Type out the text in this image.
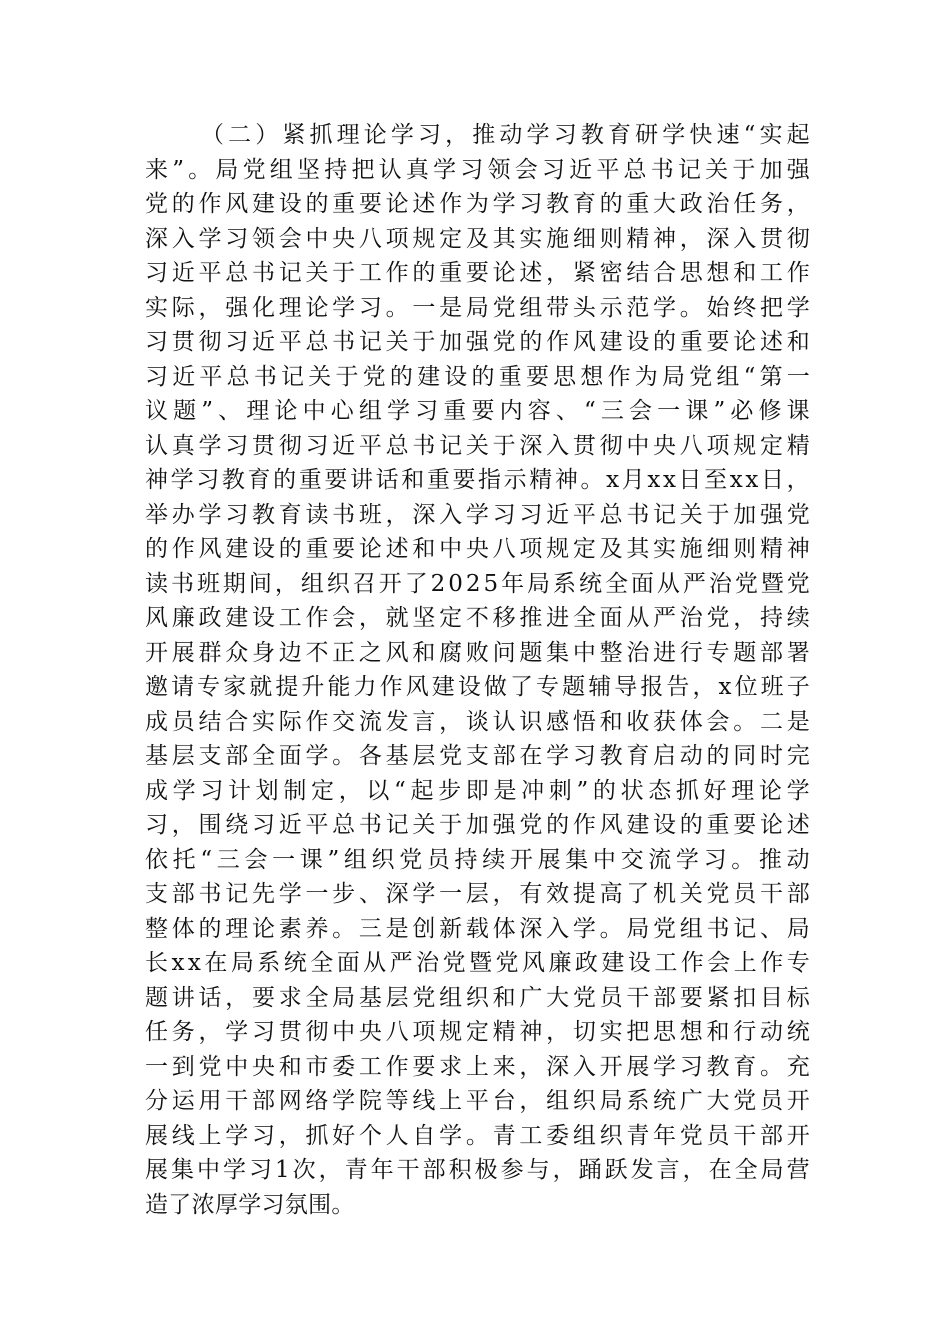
（二）紧抓理论学习，推动学习教育研学快速“实起
来”。局党组坚持把认真学习领会习近平总书记关于加强
党的作风建设的重要论述作为学习教育的重大政治任务，
深入学习领会中央八项规定及其实施细则精神，深入贯彻
习近平总书记关于工作的重要论述，紧密结合思想和工作
实际，强化理论学习。一是局党组带头示范学。始终把学
习贯彻习近平总书记关于加强党的作风建设的重要论述和
习近平总书记关于党的建设的重要思想作为局党组“第一
议题”、理论中心组学习重要内容、“三会一课”必修课
认真学习贯彻习近平总书记关于深入贯彻中央八项规定精
神学习教育的重要讲话和重要指示精神。x月xx日至xx日，
举办学习教育读书班，深入学习习近平总书记关于加强党
的作风建设的重要论述和中央八项规定及其实施细则精神
读书班期间，组织召开了2025年局系统全面从严治党暨党
风廉政建设工作会，就坚定不移推进全面从严治党，持续
开展群众身边不正之风和腐败问题集中整治进行专题部署
邀请专家就提升能力作风建设做了专题辅导报告，x位班子
成员结合实际作交流发言，谈认识感悟和收获体会。二是
基层支部全面学。各基层党支部在学习教育启动的同时完
成学习计划制定，以“起步即是冲刺”的状态抓好理论学
习，围绕习近平总书记关于加强党的作风建设的重要论述
依托“三会一课”组织党员持续开展集中交流学习。推动
支部书记先学一步、深学一层，有效提高了机关党员干部
整体的理论素养。三是创新载体深入学。局党组书记、局
长xx在局系统全面从严治党暨党风廉政建设工作会上作专
题讲话，要求全局基层党组织和广大党员干部要紧扣目标
任务，学习贯彻中央八项规定精神，切实把思想和行动统
一到党中央和市委工作要求上来，深入开展学习教育。充
分运用干部网络学院等线上平台，组织局系统广大党员开
展线上学习，抓好个人自学。青工委组织青年党员干部开
展集中学习1次，青年干部积极参与，踊跃发言，在全局营
造了浓厚学习氛围。
